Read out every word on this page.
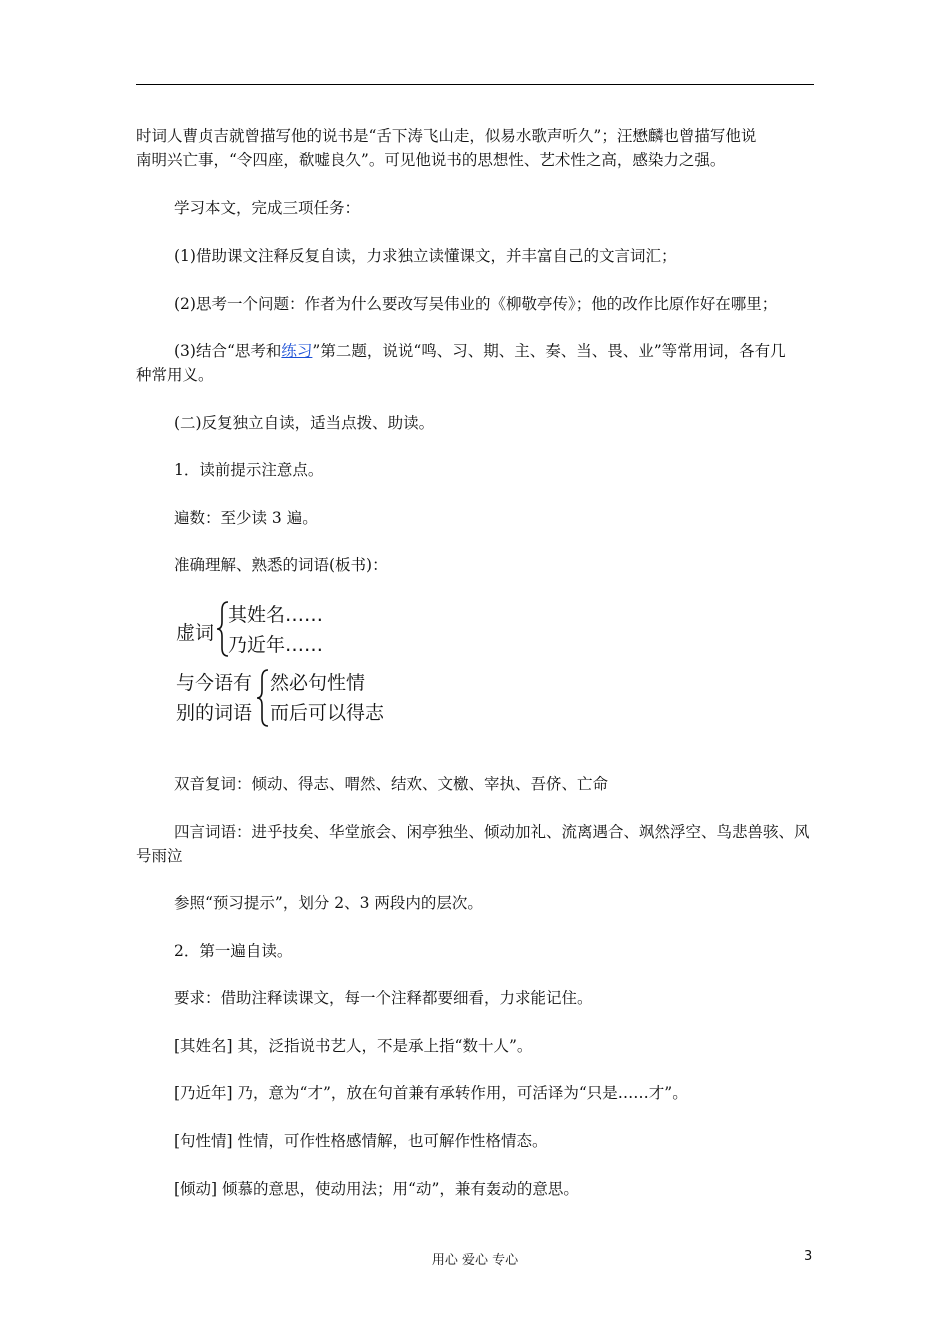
时词人曹贞吉就曾描写他的说书是“舌下涛飞山走，似易水歌声听久”；汪懋麟也曾描写他说
南明兴亡事，“令四座，欷嘘良久”。可见他说书的思想性、艺术性之高，感染力之强。
学习本文，完成三项任务：
(1)借助课文注释反复自读，力求独立读懂课文，并丰富自己的文言词汇；
(2)思考一个问题：作者为什么要改写吴伟业的《柳敬亭传》；他的改作比原作好在哪里；
(3)结合“思考和练习”第二题，说说“鸣、习、期、主、奏、当、畏、业”等常用词，各有几
种常用义。
(二)反复独立自读，适当点拨、助读。
1．读前提示注意点。
遍数：至少读 3 遍。
准确理解、熟悉的词语(板书)：
虚词
其姓名……
乃近年……
与今语有
别的词语
然必句性情
而后可以得志
双音复词：倾动、得志、喟然、结欢、文檄、宰执、吾侪、亡命
四言词语：进乎技矣、华堂旅会、闲亭独坐、倾动加礼、流离遇合、飒然浮空、鸟悲兽骇、风
号雨泣
参照“预习提示”，划分 2、3 两段内的层次。
2．第一遍自读。
要求：借助注释读课文，每一个注释都要细看，力求能记住。
[其姓名] 其，泛指说书艺人，不是承上指“数十人”。
[乃近年] 乃，意为“才”，放在句首兼有承转作用，可活译为“只是……才”。
[句性情] 性情，可作性格感情解，也可解作性格情态。
[倾动] 倾慕的意思，使动用法；用“动”，兼有轰动的意思。
用心 爱心 专心	3
